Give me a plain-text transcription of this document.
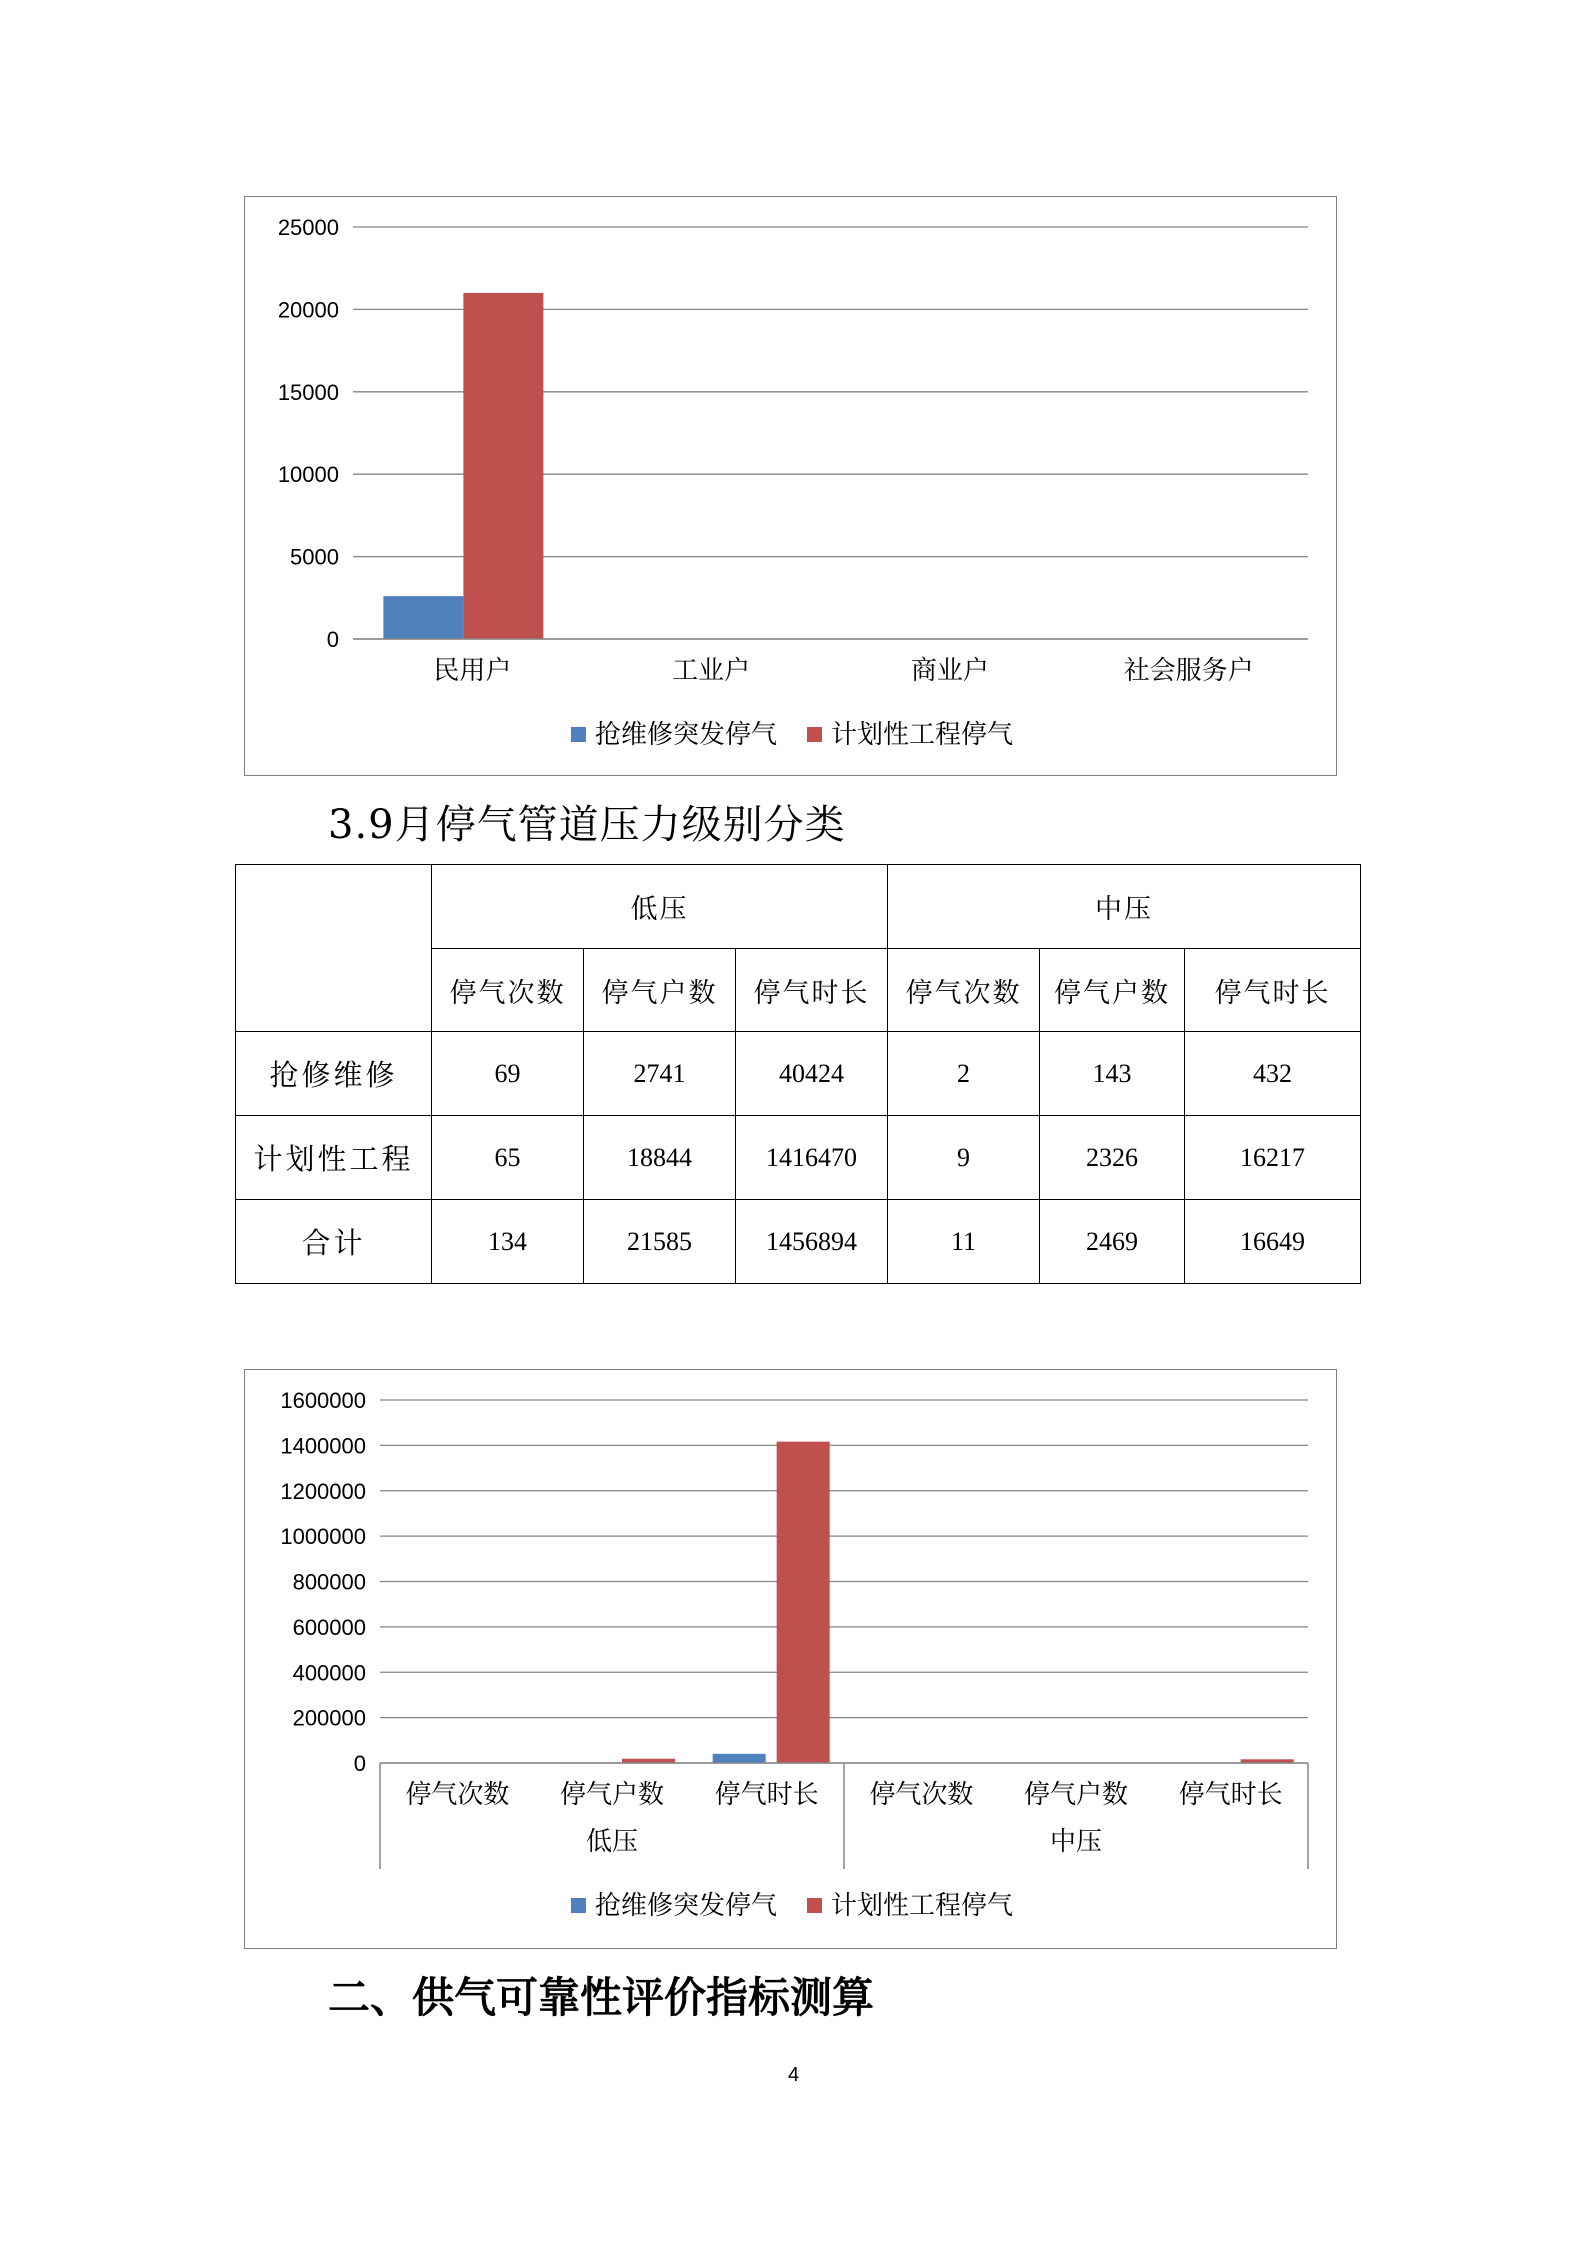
0
5000
10000
15000
20000
25000
民用户	工业户	商业户	社会服务户
抢维修突发停气 计划性工程停气
3.9月停气管道压力级别分类
	低压			中压		
	停气次数	停气户数	停气时长	停气次数	停气户数	停气时长
抢修维修	69	2741	40424	2	143	432
计划性工程	65	18844	1416470	9	2326	16217
合计	134	21585	1456894	11	2469	16649
0
200000
400000
600000
800000
1000000
1200000
1400000
1600000
停气次数 停气户数 停气时长 停气次数 停气户数 停气时长
低压	中压
抢维修突发停气 计划性工程停气
二、供气可靠性评价指标测算
4
